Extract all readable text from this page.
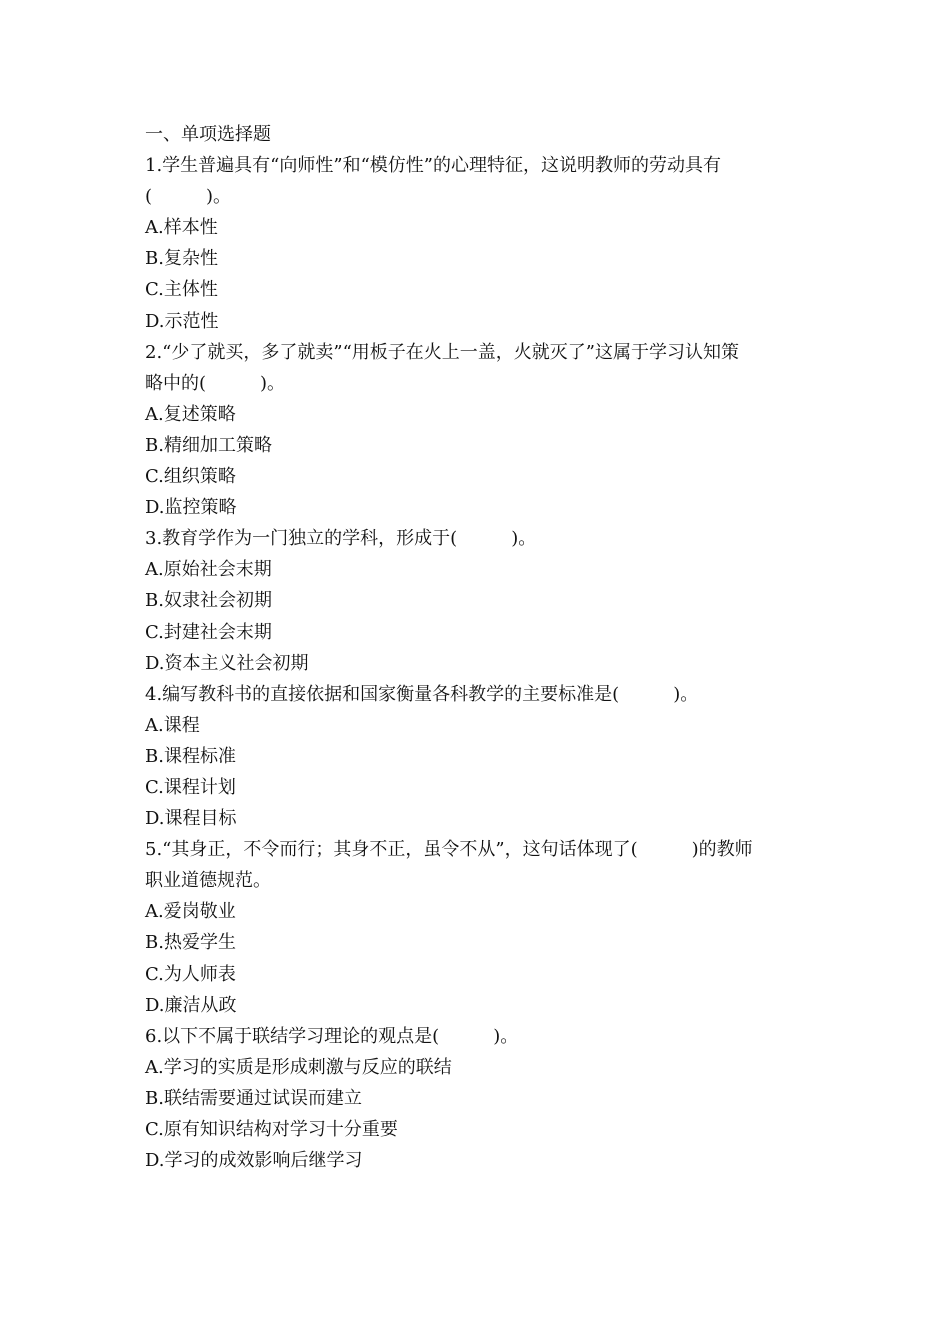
一、单项选择题
1.学生普遍具有“向师性”和“模仿性”的心理特征，这说明教师的劳动具有
(　　　)。
A.样本性
B.复杂性
C.主体性
D.示范性
2.“少了就买，多了就卖”“用板子在火上一盖，火就灭了”这属于学习认知策
略中的(　　　)。
A.复述策略
B.精细加工策略
C.组织策略
D.监控策略
3.教育学作为一门独立的学科，形成于(　　　)。
A.原始社会末期
B.奴隶社会初期
C.封建社会末期
D.资本主义社会初期
4.编写教科书的直接依据和国家衡量各科教学的主要标准是(　　　)。
A.课程
B.课程标准
C.课程计划
D.课程目标
5.“其身正，不令而行；其身不正，虽令不从”，这句话体现了(　　　)的教师
职业道德规范。
A.爱岗敬业
B.热爱学生
C.为人师表
D.廉洁从政
6.以下不属于联结学习理论的观点是(　　　)。
A.学习的实质是形成刺激与反应的联结
B.联结需要通过试误而建立
C.原有知识结构对学习十分重要
D.学习的成效影响后继学习
